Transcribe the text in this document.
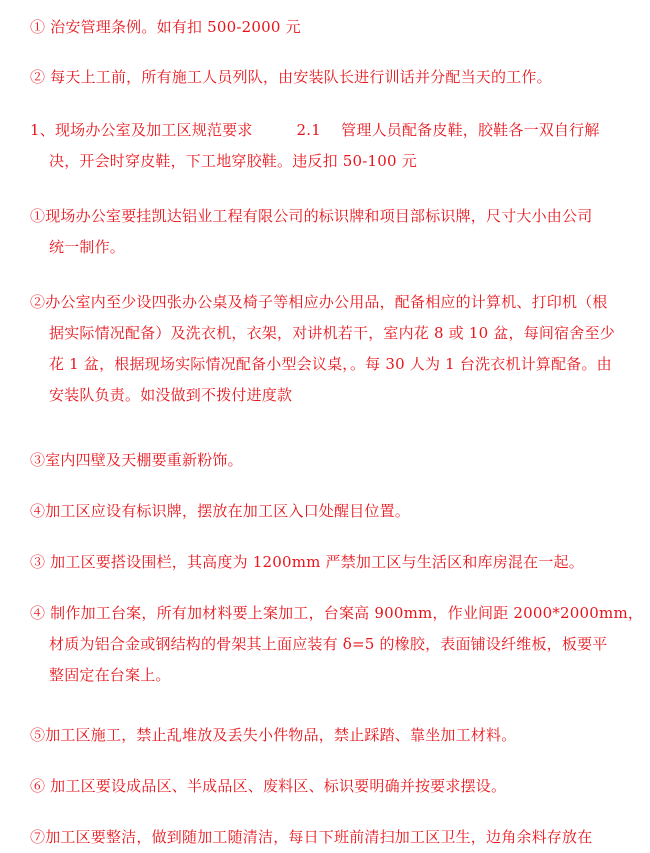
① 治安管理条例。如有扣 500-2000 元
② 每天上工前，所有施工人员列队，由安装队长进行训话并分配当天的工作。
1、现场办公室及加工区规范要求	2.1　 管理人员配备皮鞋，胶鞋各一双自行解
决，开会时穿皮鞋，下工地穿胶鞋。违反扣 50-100 元
①现场办公室要挂凯达铝业工程有限公司的标识牌和项目部标识牌，尺寸大小由公司
统一制作。
②办公室内至少设四张办公桌及椅子等相应办公用品，配备相应的计算机、打印机（根
据实际情况配备）及洗衣机，衣架，对讲机若干，室内花 8 或 10 盆，每间宿舍至少
花 1 盆，根据现场实际情况配备小型会议桌，。每 30 人为 1 台洗衣机计算配备。由
安装队负责。如没做到不拨付进度款
③室内四壁及天棚要重新粉饰。
④加工区应设有标识牌，摆放在加工区入口处醒目位置。
③ 加工区要搭设围栏，其高度为 1200mm 严禁加工区与生活区和库房混在一起。
④ 制作加工台案，所有加材料要上案加工，台案高 900mm，作业间距 2000*2000mm，
材质为铝合金或钢结构的骨架其上面应装有 δ=5 的橡胶，表面铺设纤维板，板要平
整固定在台案上。
⑤加工区施工，禁止乱堆放及丢失小件物品，禁止踩踏、靠坐加工材料。
⑥ 加工区要设成品区、半成品区、废料区、标识要明确并按要求摆设。
⑦加工区要整洁，做到随加工随清洁，每日下班前清扫加工区卫生，边角余料存放在
